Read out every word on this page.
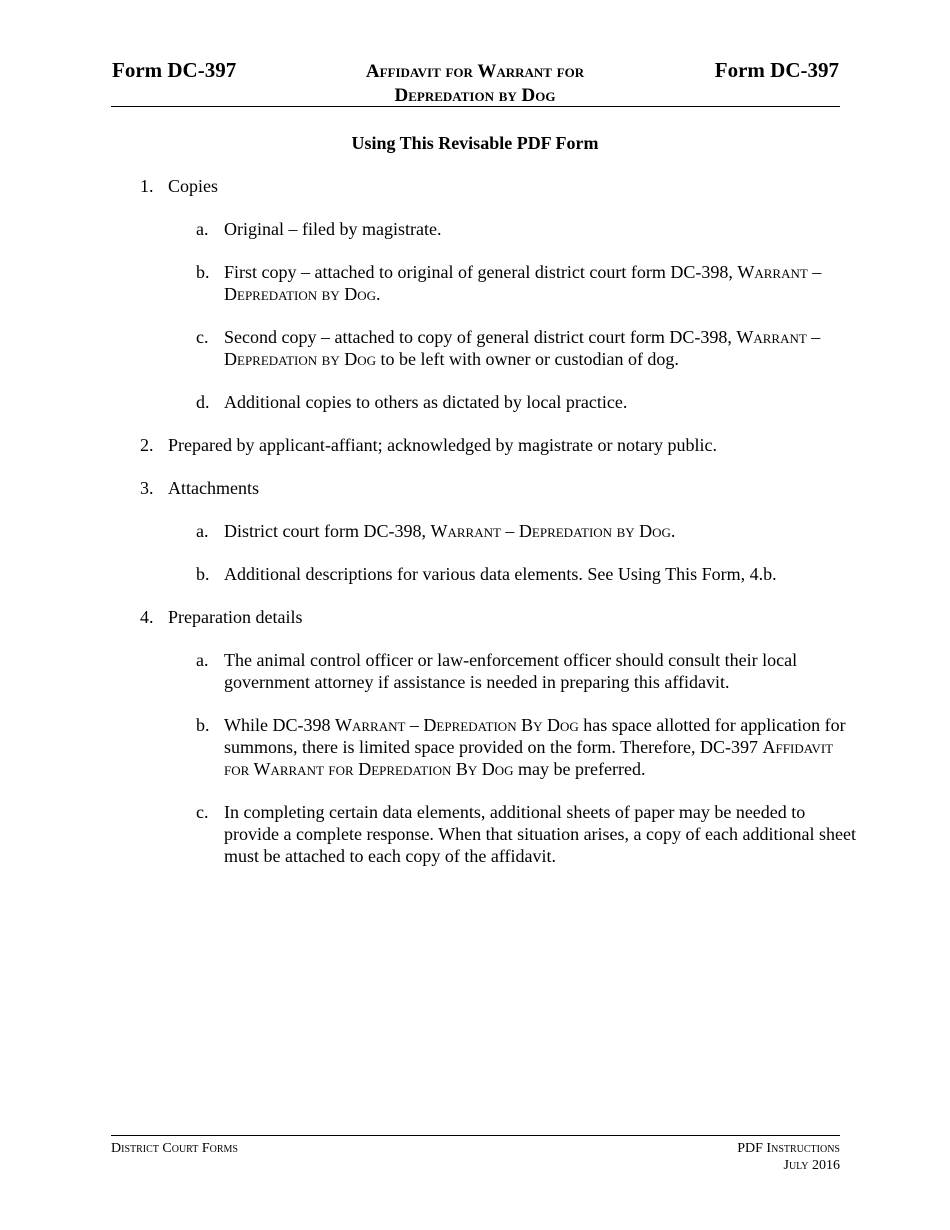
Form DC-397	Affidavit for Warrant for
Depredation by Dog
Form DC-397
Using This Revisable PDF Form
1. Copies
a. Original – filed by magistrate.
b. First copy – attached to original of general district court form DC-398, Warrant – Depredation by Dog.
c. Second copy – attached to copy of general district court form DC-398, Warrant – Depredation by Dog to be left with owner or custodian of dog.
d. Additional copies to others as dictated by local practice.
2. Prepared by applicant-affiant; acknowledged by magistrate or notary public.
3. Attachments
a. District court form DC-398, Warrant – Depredation by Dog.
b. Additional descriptions for various data elements. See Using This Form, 4.b.
4. Preparation details
a. The animal control officer or law-enforcement officer should consult their local government attorney if assistance is needed in preparing this affidavit.
b. While DC-398 Warrant – Depredation By Dog has space allotted for application for summons, there is limited space provided on the form. Therefore, DC-397 Affidavit for Warrant for Depredation By Dog may be preferred.
c. In completing certain data elements, additional sheets of paper may be needed to provide a complete response. When that situation arises, a copy of each additional sheet must be attached to each copy of the affidavit.
District Court Forms	PDF Instructions
July 2016
